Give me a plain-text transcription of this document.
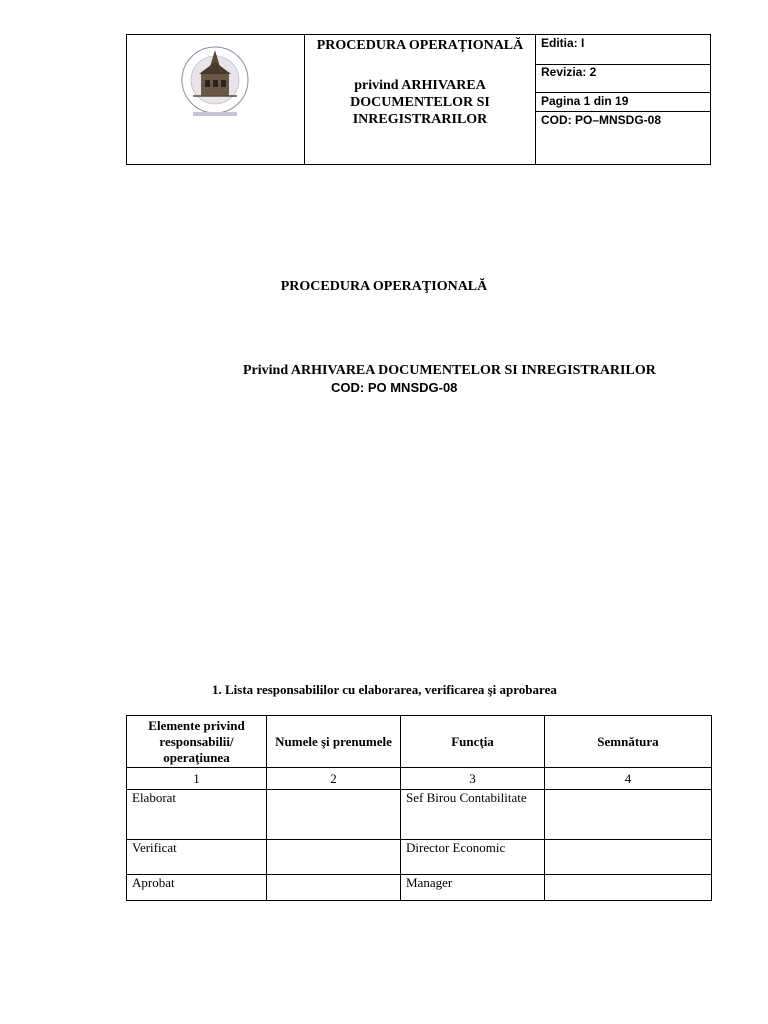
PROCEDURA OPERAȚIONALĂ
privind ARHIVAREA DOCUMENTELOR SI INREGISTRARILOR
Editia: I
Revizia: 2
Pagina 1 din 19
COD: PO–MNSDG-08
PROCEDURA OPERAŢIONALĂ
Privind ARHIVAREA DOCUMENTELOR SI INREGISTRARILOR
COD: PO MNSDG-08
1. Lista responsabililor cu elaborarea, verificarea şi aprobarea
Elemente privind responsabilii/ operaţiunea	Numele şi prenumele	Funcţia	Semnătura
1	2	3	4
Elaborat		Sef Birou Contabilitate	
Verificat		Director Economic	
Aprobat		Manager	
